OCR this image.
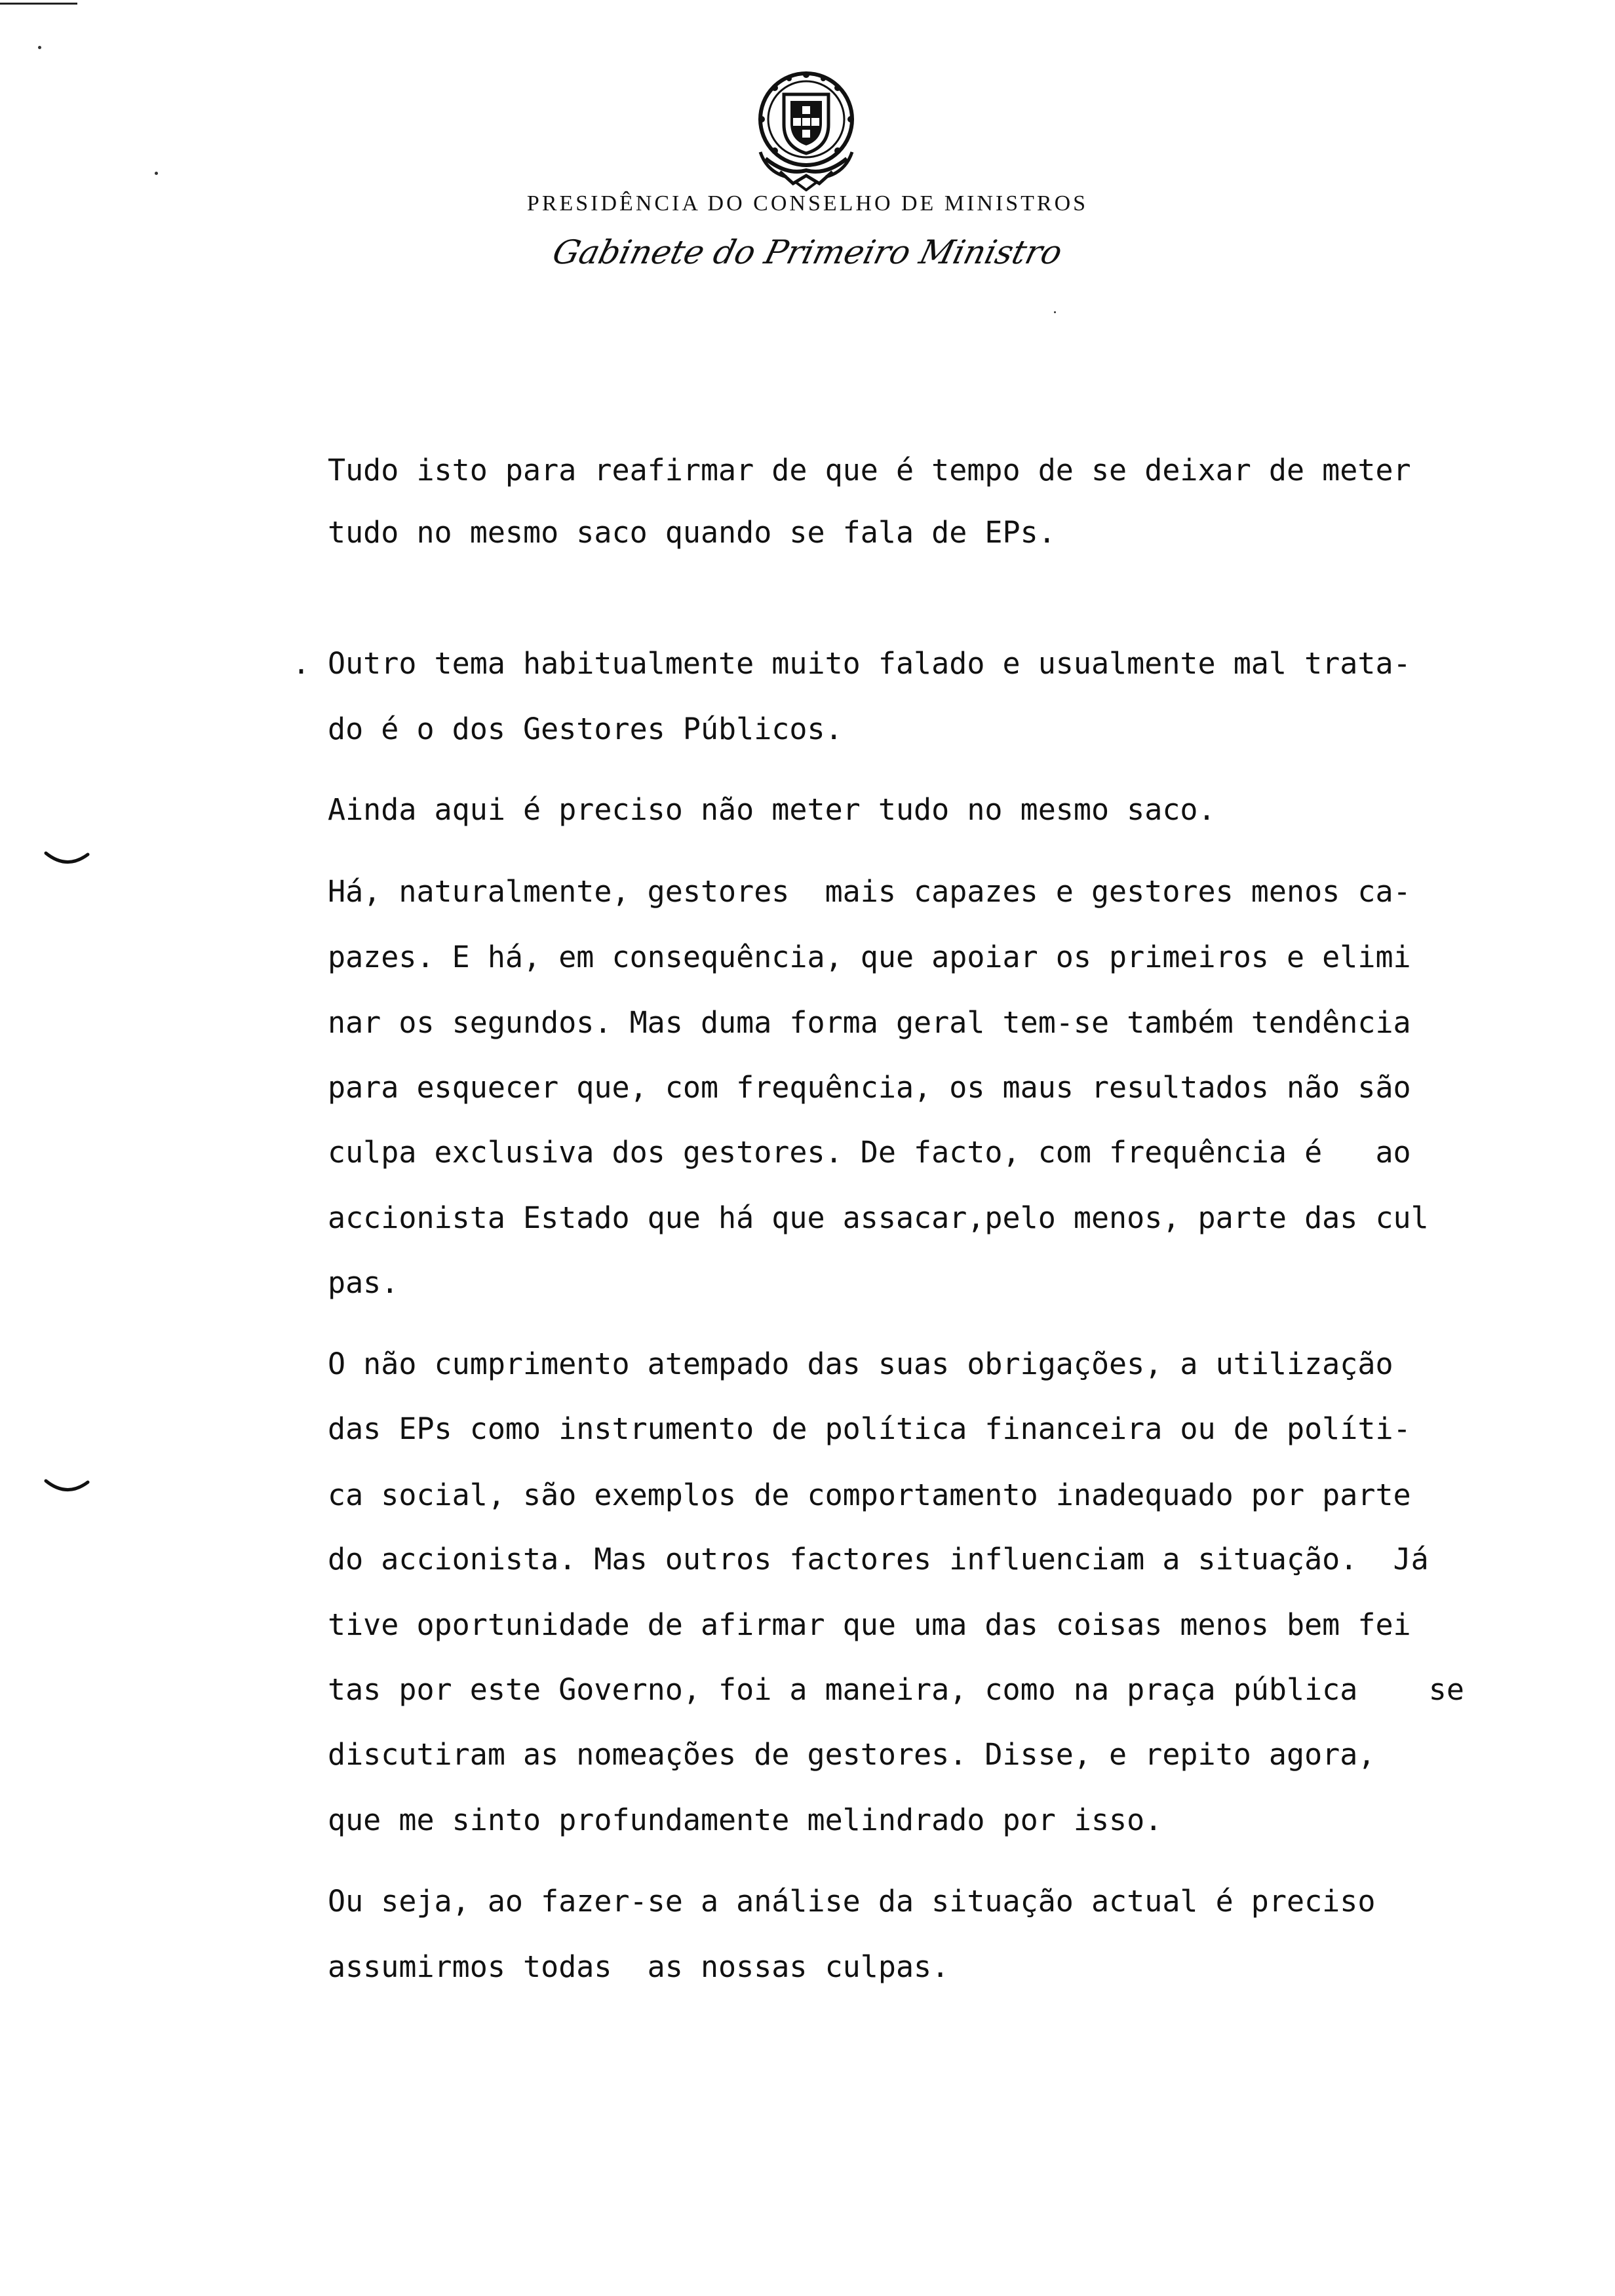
PRESIDÊNCIA DO CONSELHO DE MINISTROS
Gabinete do Primeiro Ministro
Tudo isto para reafirmar de que é tempo de se deixar de meter
tudo no mesmo saco quando se fala de EPs.
. Outro tema habitualmente muito falado e usualmente mal trata-
do é o dos Gestores Públicos.
Ainda aqui é preciso não meter tudo no mesmo saco.
Há, naturalmente, gestores  mais capazes e gestores menos ca-
pazes. E há, em consequência, que apoiar os primeiros e elimi
nar os segundos. Mas duma forma geral tem-se também tendência
para esquecer que, com frequência, os maus resultados não são
culpa exclusiva dos gestores. De facto, com frequência é   ao
accionista Estado que há que assacar,pelo menos, parte das cul
pas.
O não cumprimento atempado das suas obrigações, a utilização
das EPs como instrumento de política financeira ou de políti-
ca social, são exemplos de comportamento inadequado por parte
do accionista. Mas outros factores influenciam a situação.  Já
tive oportunidade de afirmar que uma das coisas menos bem fei
tas por este Governo, foi a maneira, como na praça pública    se
discutiram as nomeações de gestores. Disse, e repito agora,
que me sinto profundamente melindrado por isso.
Ou seja, ao fazer-se a análise da situação actual é preciso
assumirmos todas  as nossas culpas.
